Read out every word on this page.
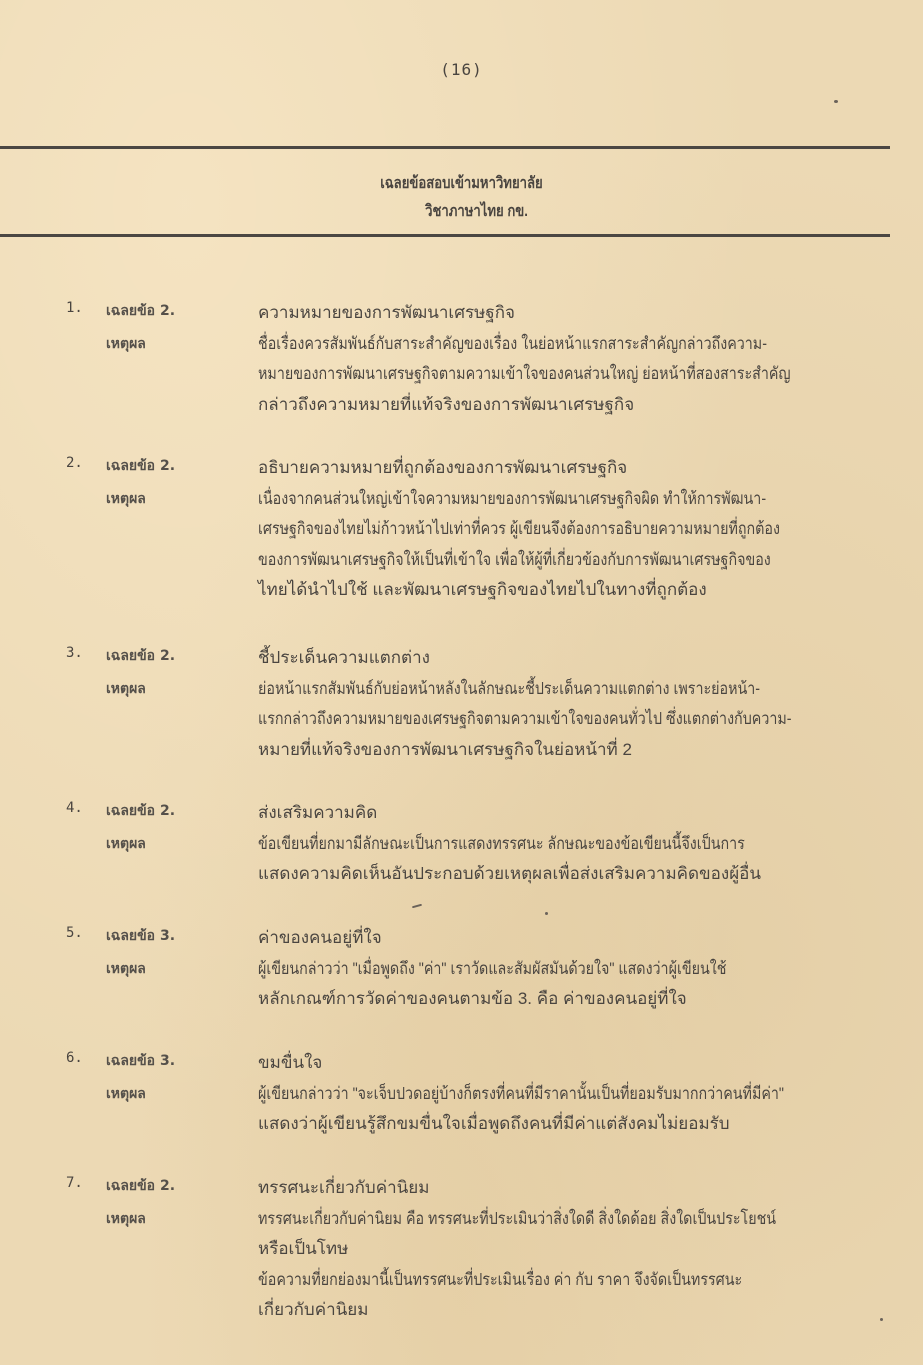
(16)
เฉลยข้อสอบเข้ามหาวิทยาลัย
วิชาภาษาไทย กข.
1. เฉลยข้อ 2.
เหตุผล
ความหมายของการพัฒนาเศรษฐกิจ
ชื่อเรื่องควรสัมพันธ์กับสาระสำคัญของเรื่อง ในย่อหน้าแรกสาระสำคัญกล่าวถึงความ-
หมายของการพัฒนาเศรษฐกิจตามความเข้าใจของคนส่วนใหญ่ ย่อหน้าที่สองสาระสำคัญ
กล่าวถึงความหมายที่แท้จริงของการพัฒนาเศรษฐกิจ
2. เฉลยข้อ 2.
เหตุผล
อธิบายความหมายที่ถูกต้องของการพัฒนาเศรษฐกิจ
เนื่องจากคนส่วนใหญ่เข้าใจความหมายของการพัฒนาเศรษฐกิจผิด ทำให้การพัฒนา-
เศรษฐกิจของไทยไม่ก้าวหน้าไปเท่าที่ควร ผู้เขียนจึงต้องการอธิบายความหมายที่ถูกต้อง
ของการพัฒนาเศรษฐกิจให้เป็นที่เข้าใจ เพื่อให้ผู้ที่เกี่ยวข้องกับการพัฒนาเศรษฐกิจของ
ไทยได้นำไปใช้ และพัฒนาเศรษฐกิจของไทยไปในทางที่ถูกต้อง
3. เฉลยข้อ 2.
เหตุผล
ชี้ประเด็นความแตกต่าง
ย่อหน้าแรกสัมพันธ์กับย่อหน้าหลังในลักษณะชี้ประเด็นความแตกต่าง เพราะย่อหน้า-
แรกกล่าวถึงความหมายของเศรษฐกิจตามความเข้าใจของคนทั่วไป ซึ่งแตกต่างกับความ-
หมายที่แท้จริงของการพัฒนาเศรษฐกิจในย่อหน้าที่ 2
4. เฉลยข้อ 2.
เหตุผล
ส่งเสริมความคิด
ข้อเขียนที่ยกมามีลักษณะเป็นการแสดงทรรศนะ ลักษณะของข้อเขียนนี้จึงเป็นการ
แสดงความคิดเห็นอันประกอบด้วยเหตุผลเพื่อส่งเสริมความคิดของผู้อื่น
5. เฉลยข้อ 3.
เหตุผล
ค่าของคนอยู่ที่ใจ
ผู้เขียนกล่าวว่า "เมื่อพูดถึง "ค่า" เราวัดและสัมผัสมันด้วยใจ" แสดงว่าผู้เขียนใช้
หลักเกณฑ์การวัดค่าของคนตามข้อ 3. คือ ค่าของคนอยู่ที่ใจ
6. เฉลยข้อ 3.
เหตุผล
ขมขื่นใจ
ผู้เขียนกล่าวว่า "จะเจ็บปวดอยู่บ้างก็ตรงที่คนที่มีราคานั้นเป็นที่ยอมรับมากกว่าคนที่มีค่า"
แสดงว่าผู้เขียนรู้สึกขมขื่นใจเมื่อพูดถึงคนที่มีค่าแต่สังคมไม่ยอมรับ
7. เฉลยข้อ 2.
เหตุผล
ทรรศนะเกี่ยวกับค่านิยม
ทรรศนะเกี่ยวกับค่านิยม คือ ทรรศนะที่ประเมินว่าสิ่งใดดี สิ่งใดด้อย สิ่งใดเป็นประโยชน์
หรือเป็นโทษ
ข้อความที่ยกย่องมานี้เป็นทรรศนะที่ประเมินเรื่อง ค่า กับ ราคา จึงจัดเป็นทรรศนะ
เกี่ยวกับค่านิยม
